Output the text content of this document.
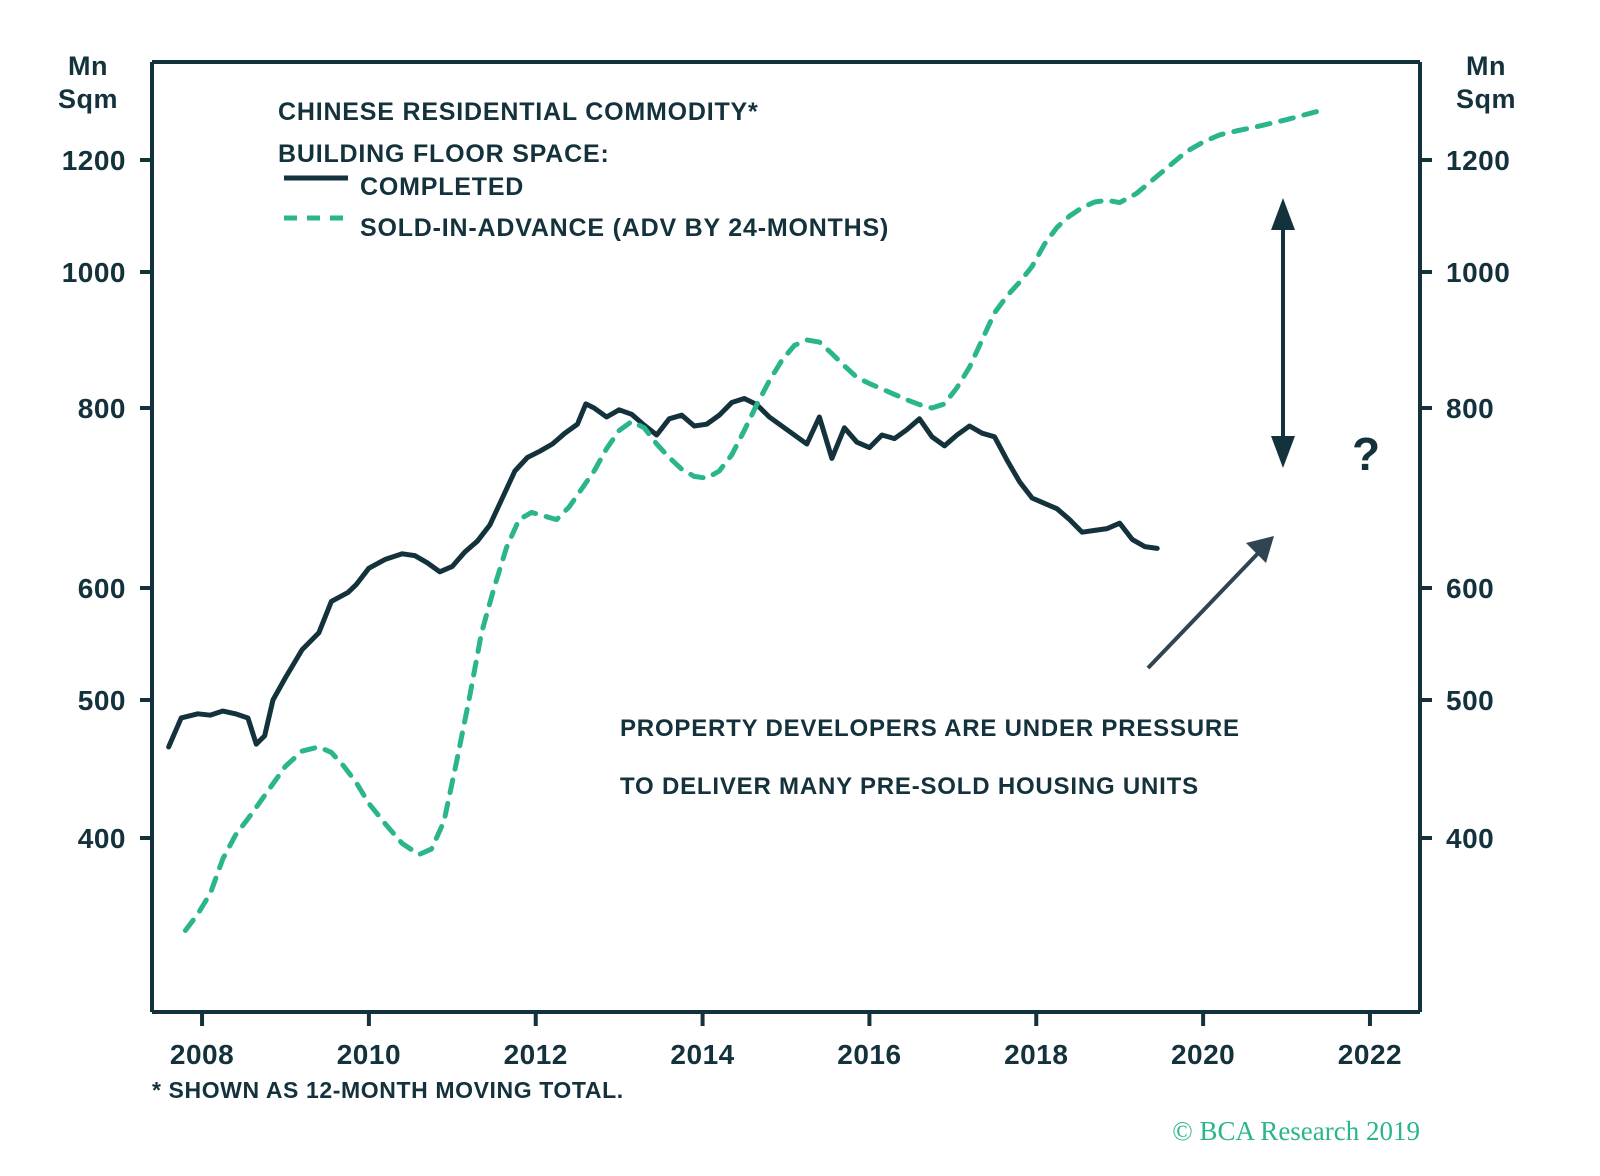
Mn
Sqm
Mn
Sqm
400	400
500	500
600	600
800	800
1000	1000
1200	1200
2008	2010	2012	2014	2016	2018	2020	2022
CHINESE RESIDENTIAL COMMODITY*
BUILDING FLOOR SPACE:
COMPLETED
SOLD-IN-ADVANCE (ADV BY 24-MONTHS)
?
PROPERTY DEVELOPERS ARE UNDER PRESSURE
TO DELIVER MANY PRE-SOLD HOUSING UNITS
* SHOWN AS 12-MONTH MOVING TOTAL.
© BCA Research 2019
